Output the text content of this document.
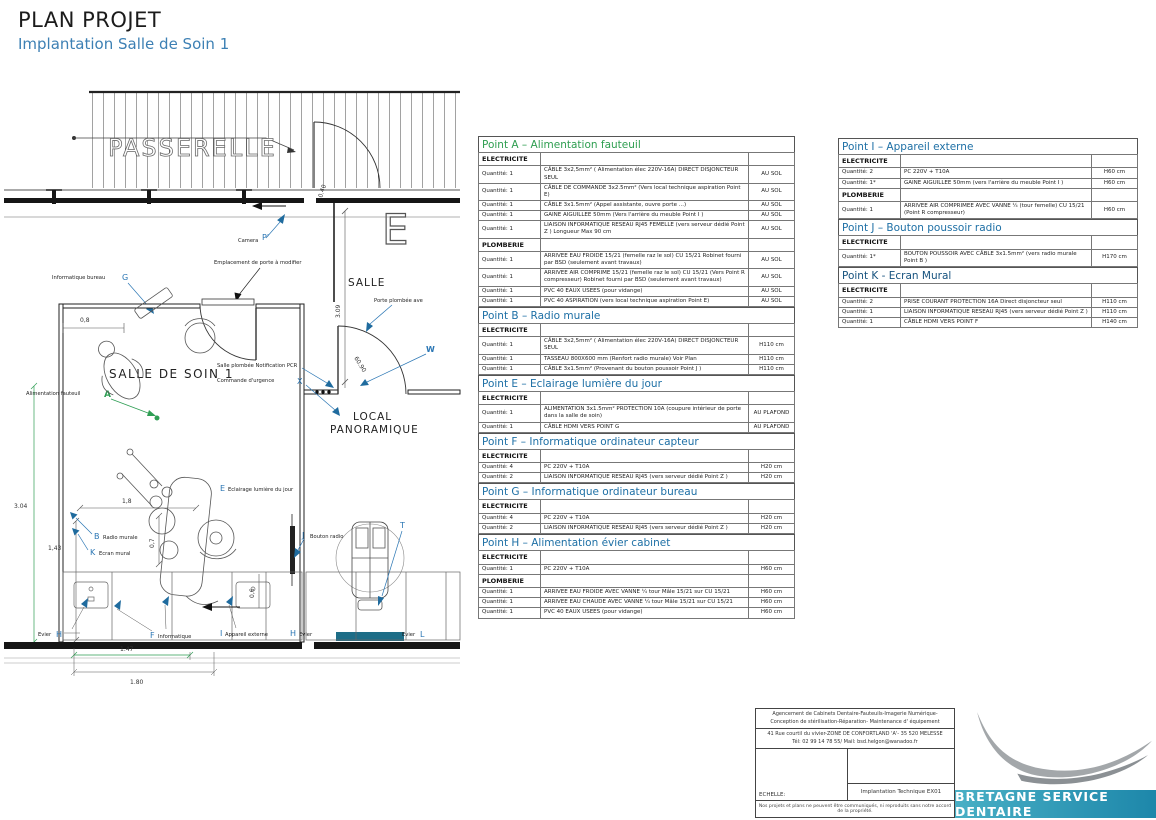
PLAN PROJET
Implantation Salle de Soin 1
PASSERELLE
Camera P'
3.09
0.40
E
SALLE
Emplacement de porte à modifier
Informatique bureau G
0,8
60.90
W
Porte plombée ave
Salle plombée Notification PCR
Commande d'urgence	X
SALLE DE SOIN 1
LOCAL
PANORAMIQUE
Alimentation fauteuil	A
E Eclairage lumière du jour
1,8
0,7
0,6
3.04
1,43
B Radio murale
K Ecran mural
J Bouton radio
T
Evier H	F Informatique	I Appareil externe	H Evier	Evier L
1.47
1.80
Point A – Alimentation fauteuil
ELECTRICITE		
Quantité: 1	CÂBLE 3x2,5mm² ( Alimentation élec 220V-16A) DIRECT DISJONCTEUR SEUL	AU SOL
Quantité: 1	CÂBLE DE COMMANDE 3x2.5mm² (Vers local technique aspiration Point E)	AU SOL
Quantité: 1	CÂBLE 3x1.5mm² (Appel assistante, ouvre porte ...)	AU SOL
Quantité: 1	GAINE AIGUILLEE 50mm (Vers l'arrière du meuble Point I )	AU SOL
Quantité: 1	LIAISON INFORMATIQUE RESEAU RJ45 FEMELLE (vers serveur dédié Point Z ) Longueur Max 90 cm	AU SOL
PLOMBERIE		
Quantité: 1	ARRIVEE EAU FROIDE 15/21 (femelle raz le sol) CU 15/21 Robinet fourni par BSD (seulement avant travaux)	AU SOL
Quantité: 1	ARRIVEE AIR COMPRIME 15/21 (femelle raz le sol) CU 15/21 (Vers Point R compresseur) Robinet fourni par BSD (seulement avant travaux)	AU SOL
Quantité: 1	PVC 40 EAUX USEES (pour vidange)	AU SOL
Quantité: 1	PVC 40 ASPIRATION (vers local technique aspiration Point E)	AU SOL
Point B – Radio murale
ELECTRICITE		
Quantité: 1	CÂBLE 3x2,5mm² ( Alimentation élec 220V-16A) DIRECT DISJONCTEUR SEUL	H110 cm
Quantité: 1	TASSEAU 800X600 mm (Renfort radio murale) Voir Plan	H110 cm
Quantité: 1	CÂBLE 3x1.5mm² (Provenant du bouton poussoir Point J )	H110 cm
Point E – Eclairage lumière du jour
ELECTRICITE		
Quantité: 1	ALIMENTATION 3x1.5mm² PROTECTION 10A (coupure intérieur de porte dans la salle de soin)	AU PLAFOND
Quantité: 1	CÂBLE HDMI VERS POINT G	AU PLAFOND
Point F – Informatique ordinateur capteur
ELECTRICITE		
Quantité: 4	PC 220V + T10A	H20 cm
Quantité: 2	LIAISON INFORMATIQUE RESEAU RJ45 (vers serveur dédié Point Z )	H20 cm
Point G – Informatique ordinateur bureau
ELECTRICITE		
Quantité: 4	PC 220V + T10A	H20 cm
Quantité: 2	LIAISON INFORMATIQUE RESEAU RJ45 (vers serveur dédié Point Z )	H20 cm
Point H – Alimentation évier cabinet
ELECTRICITE		
Quantité: 1	PC 220V + T10A	H60 cm
PLOMBERIE		
Quantité: 1	ARRIVEE EAU FROIDE AVEC VANNE ¼ tour Mâle 15/21 sur CU 15/21	H60 cm
Quantité: 1	ARRIVEE EAU CHAUDE AVEC VANNE ¼ tour Mâle 15/21 sur CU 15/21	H60 cm
Quantité: 1	PVC 40 EAUX USEES (pour vidange)	H60 cm
Point I – Appareil externe
ELECTRICITE		
Quantité: 2	PC 220V + T10A	H60 cm
Quantité: 1*	GAINE AIGUILLEE 50mm (vers l'arrière du meuble Point I )	H60 cm
PLOMBERIE		
Quantité: 1	ARRIVEE AIR COMPRIMEE AVEC VANNE ¼ (tour femelle) CU 15/21 (Point R compresseur)	H60 cm
Point J – Bouton poussoir radio
ELECTRICITE		
Quantité: 1*	BOUTON POUSSOIR AVEC CÂBLE 3x1.5mm² (vers radio murale Point B )	H170 cm
Point K - Ecran Mural
ELECTRICITE		
Quantité: 2	PRISE COURANT PROTECTION 16A Direct disjoncteur seul	H110 cm
Quantité: 1	LIAISON INFORMATIQUE RESEAU RJ45 (vers serveur dédié Point Z )	H110 cm
Quantité: 1	CÂBLE HDMI VERS POINT F	H140 cm
Agencement de Cabinets Dentaire-Fauteuils-Imagerie Numérique-
Conception de stérilisation-Réparation- Maintenance d' équipement
41 Rue courtil du vivier-ZONE DE CONFORTLAND 'A'- 35 520 MELESSE
Tél: 02 99 14 78 55/ Mail: bsd.helgon@wanadoo.fr
ECHELLE:	Implantation Technique EX01
Nos projets et plans ne peuvent être communiqués, ni reproduits sans notre accord de la propriété.
BRETAGNE SERVICE DENTAIRE
